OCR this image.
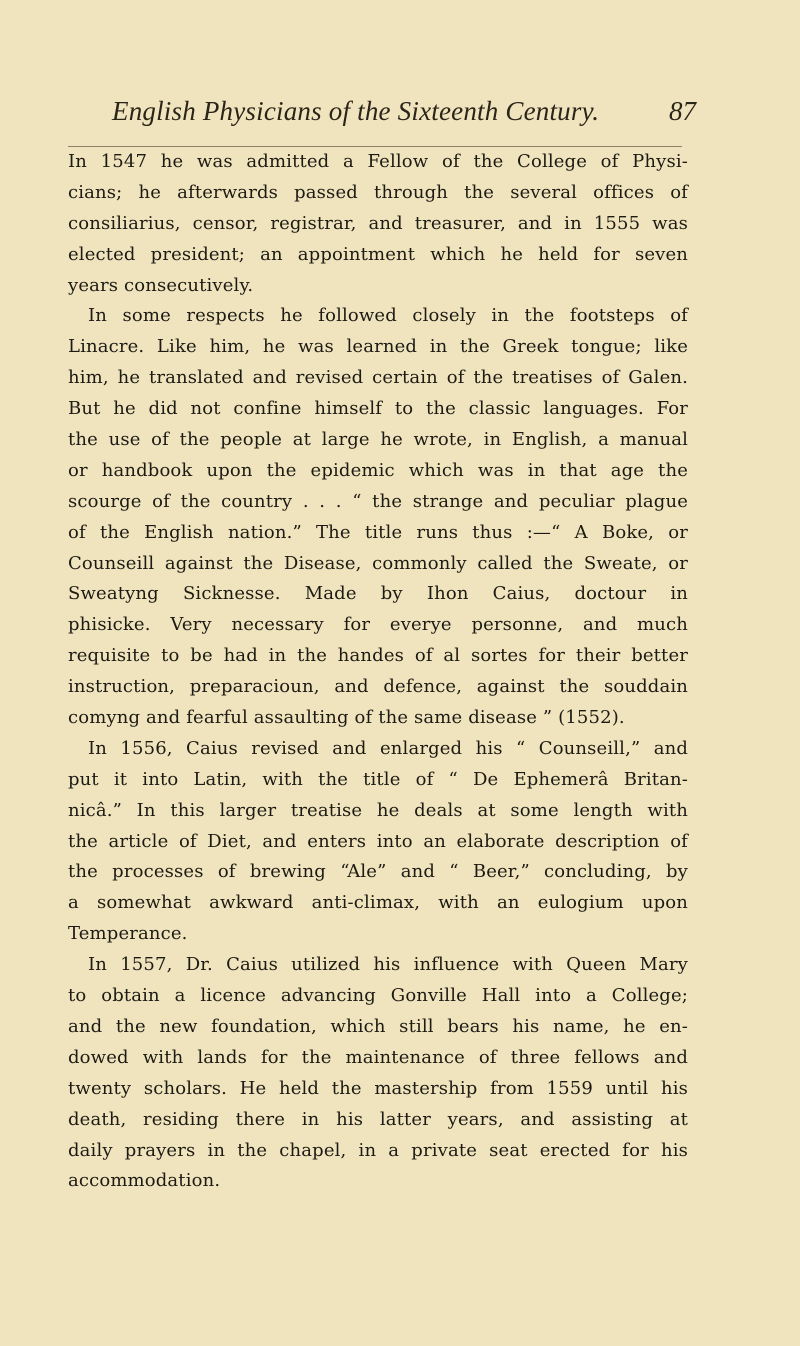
English Physicians of the Sixteenth Century.	87
In 1547 he was admitted a Fellow of the College of Physi-
cians; he afterwards passed through the several offices of
consiliarius, censor, registrar, and treasurer, and in 1555 was
elected president; an appointment which he held for seven
years consecutively.
In some respects he followed closely in the footsteps of
Linacre. Like him, he was learned in the Greek tongue; like
him, he translated and revised certain of the treatises of Galen.
But he did not confine himself to the classic languages. For
the use of the people at large he wrote, in English, a manual
or handbook upon the epidemic which was in that age the
scourge of the country . . . “ the strange and peculiar plague
of the English nation.” The title runs thus :—“ A Boke, or
Counseill against the Disease, commonly called the Sweate, or
Sweatyng Sicknesse. Made by Ihon Caius, doctour in
phisicke. Very necessary for everye personne, and much
requisite to be had in the handes of al sortes for their better
instruction, preparacioun, and defence, against the souddain
comyng and fearful assaulting of the same disease ” (1552).
In 1556, Caius revised and enlarged his “ Counseill,” and
put it into Latin, with the title of “ De Ephemerâ Britan-
nicâ.” In this larger treatise he deals at some length with
the article of Diet, and enters into an elaborate description of
the processes of brewing “Ale” and “ Beer,” concluding, by
a somewhat awkward anti-climax, with an eulogium upon
Temperance.
In 1557, Dr. Caius utilized his influence with Queen Mary
to obtain a licence advancing Gonville Hall into a College;
and the new foundation, which still bears his name, he en-
dowed with lands for the maintenance of three fellows and
twenty scholars. He held the mastership from 1559 until his
death, residing there in his latter years, and assisting at
daily prayers in the chapel, in a private seat erected for his
accommodation.
